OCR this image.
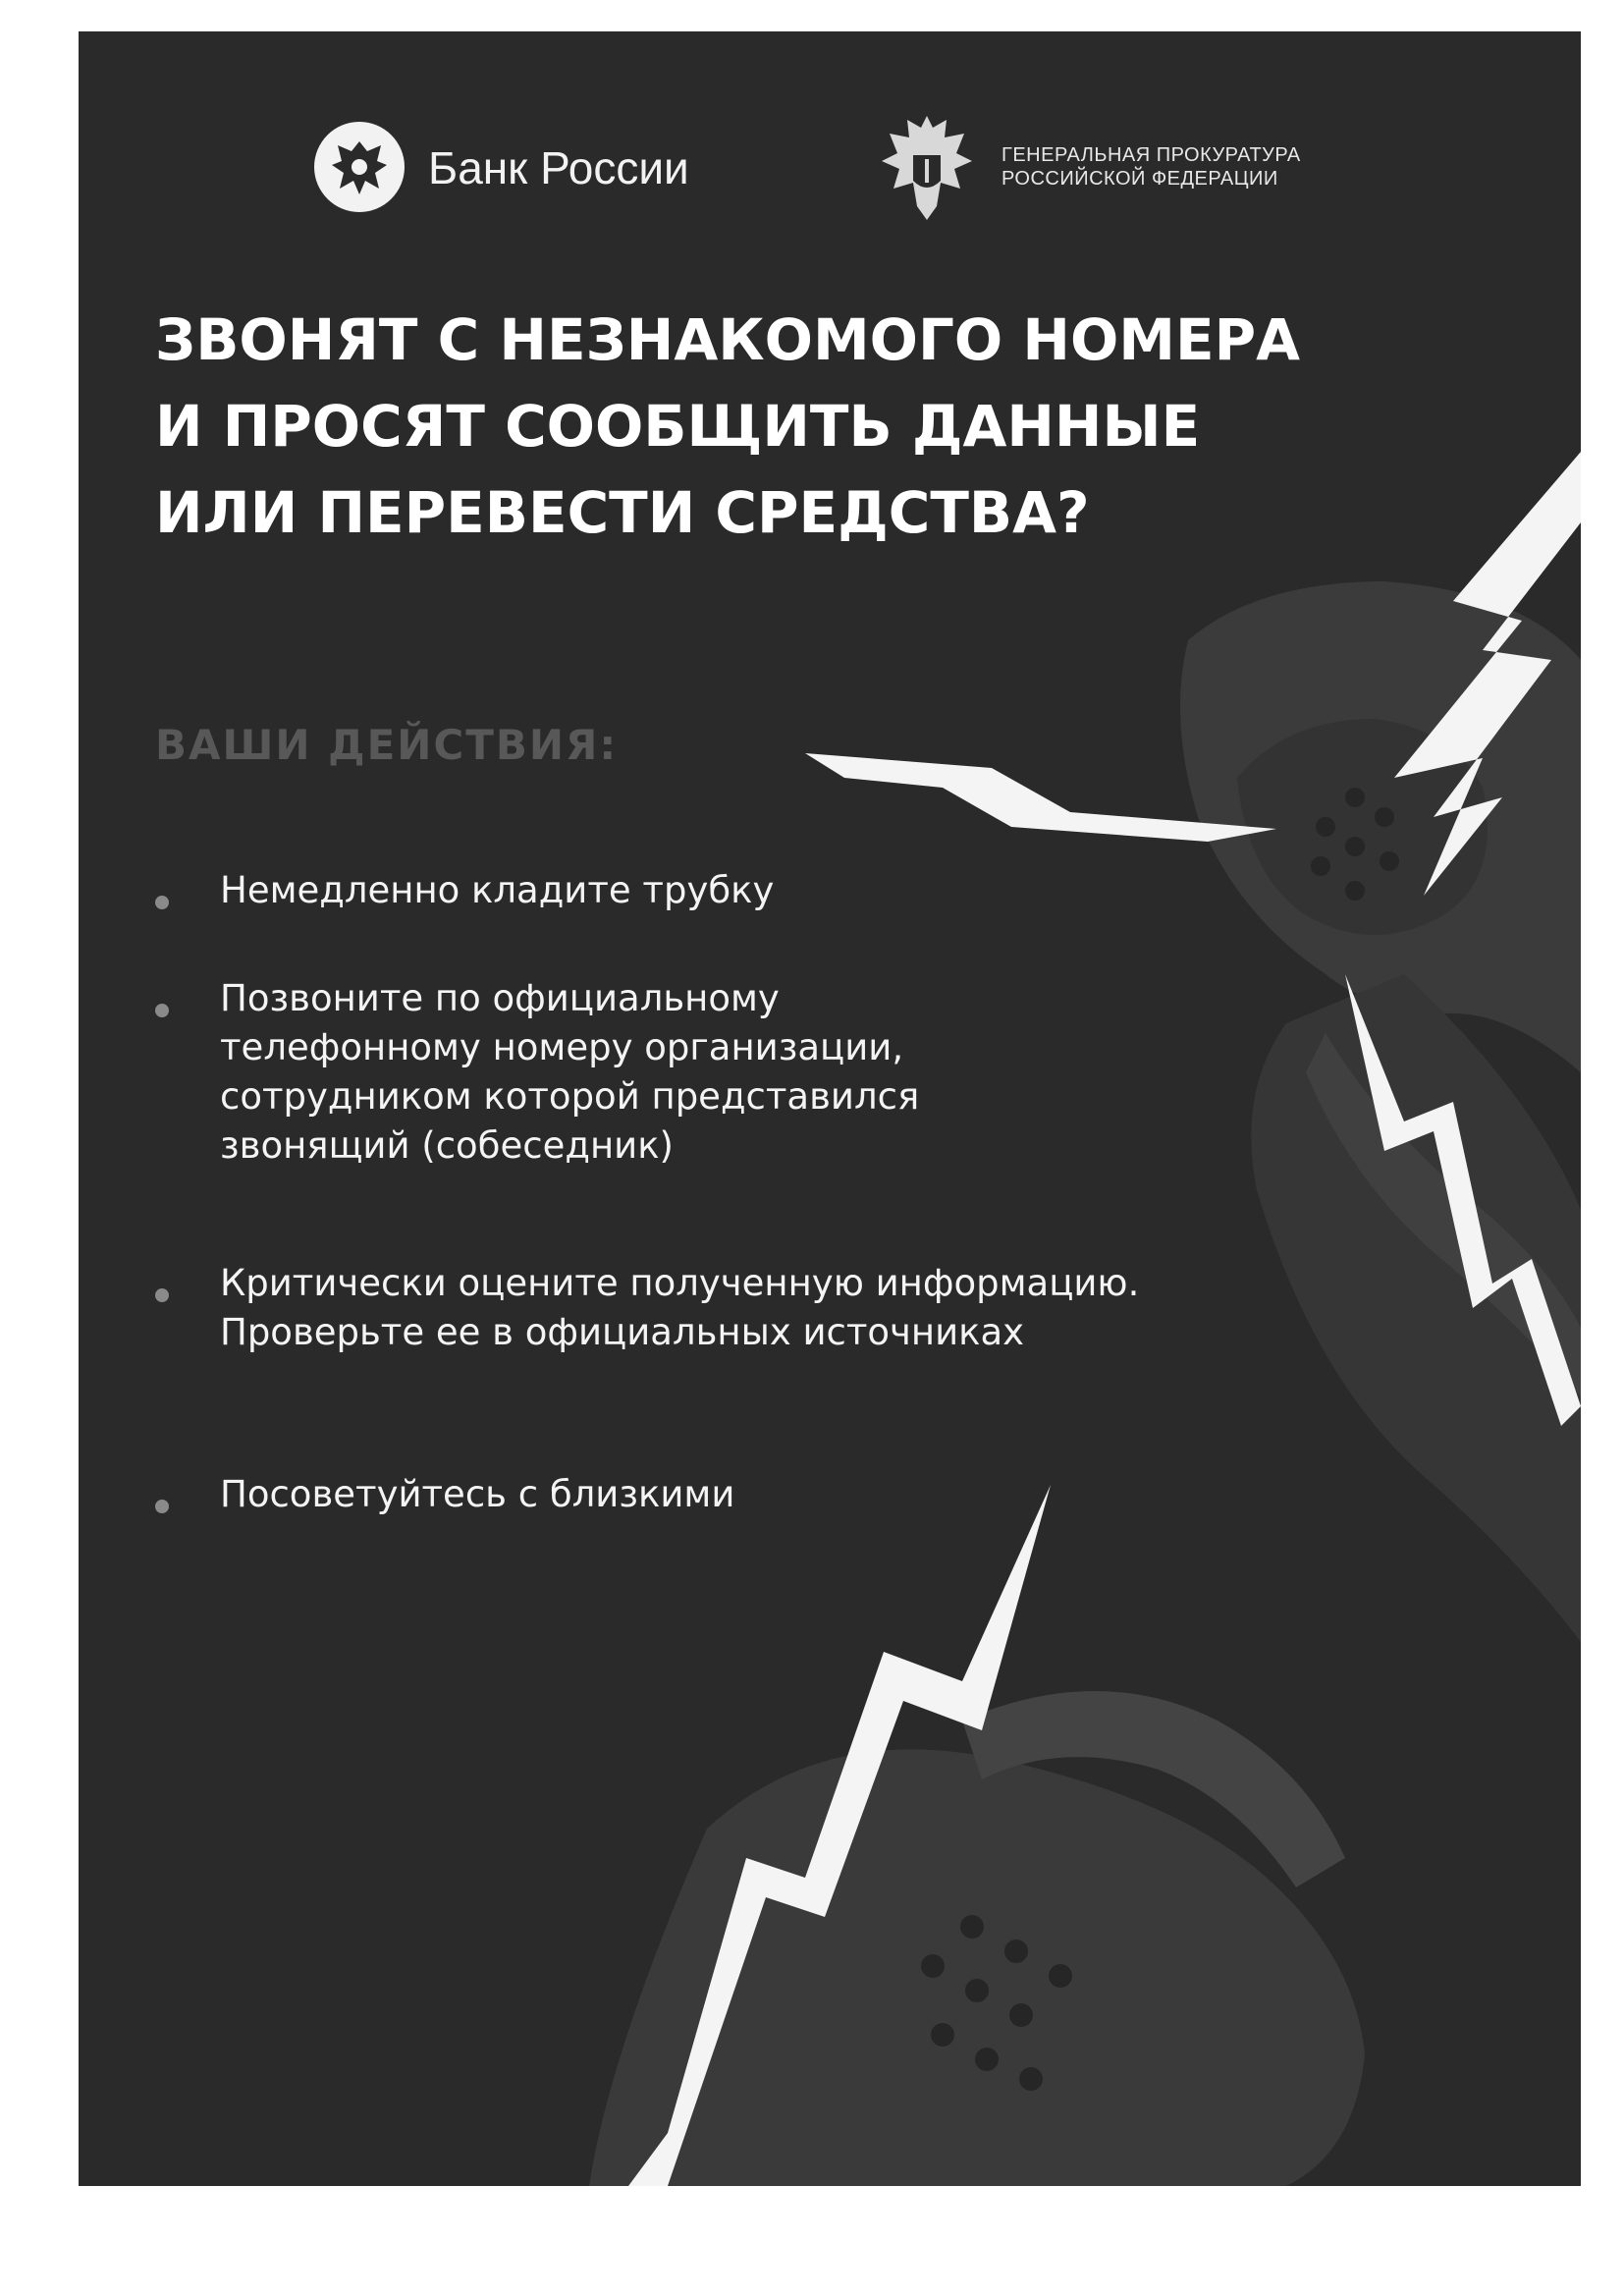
Банк России	ГЕНЕРАЛЬНАЯ ПРОКУРАТУРА
РОССИЙСКОЙ ФЕДЕРАЦИИ
ЗВОНЯТ С НЕЗНАКОМОГО НОМЕРА
И ПРОСЯТ СООБЩИТЬ ДАННЫЕ
ИЛИ ПЕРЕВЕСТИ СРЕДСТВА?
ВАШИ ДЕЙСТВИЯ:
Немедленно кладите трубку
Позвоните по официальному
телефонному номеру организации,
сотрудником которой представился
звонящий (собеседник)
Критически оцените полученную информацию.
Проверьте ее в официальных источниках
Посоветуйтесь с близкими
